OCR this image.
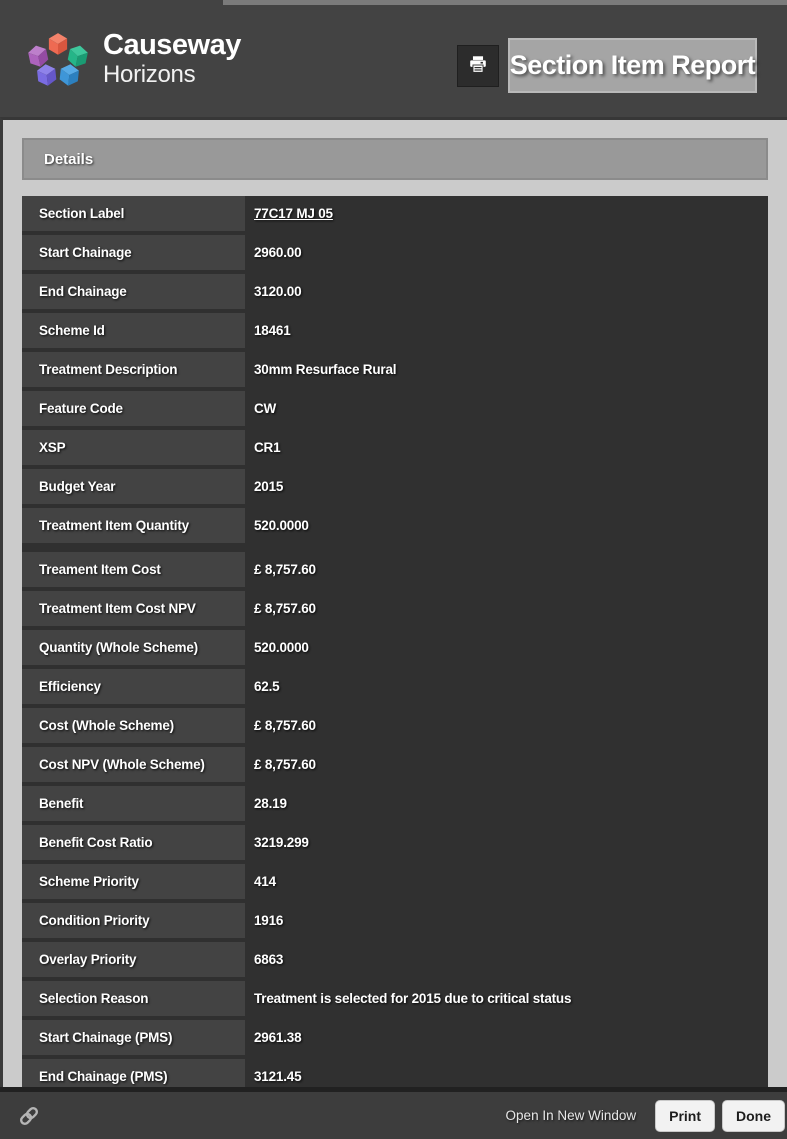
Causeway
Horizons	Section Item Report
Details
Section Label	77C17 MJ 05
Start Chainage	2960.00
End Chainage	3120.00
Scheme Id	18461
Treatment Description	30mm Resurface Rural
Feature Code	CW
XSP	CR1
Budget Year	2015
Treatment Item Quantity	520.0000
Treament Item Cost	£ 8,757.60
Treatment Item Cost NPV	£ 8,757.60
Quantity (Whole Scheme)	520.0000
Efficiency	62.5
Cost (Whole Scheme)	£ 8,757.60
Cost NPV (Whole Scheme)	£ 8,757.60
Benefit	28.19
Benefit Cost Ratio	3219.299
Scheme Priority	414
Condition Priority	1916
Overlay Priority	6863
Selection Reason	Treatment is selected for 2015 due to critical status
Start Chainage (PMS)	2961.38
End Chainage (PMS)	3121.45
Open In New Window	Print	Done
